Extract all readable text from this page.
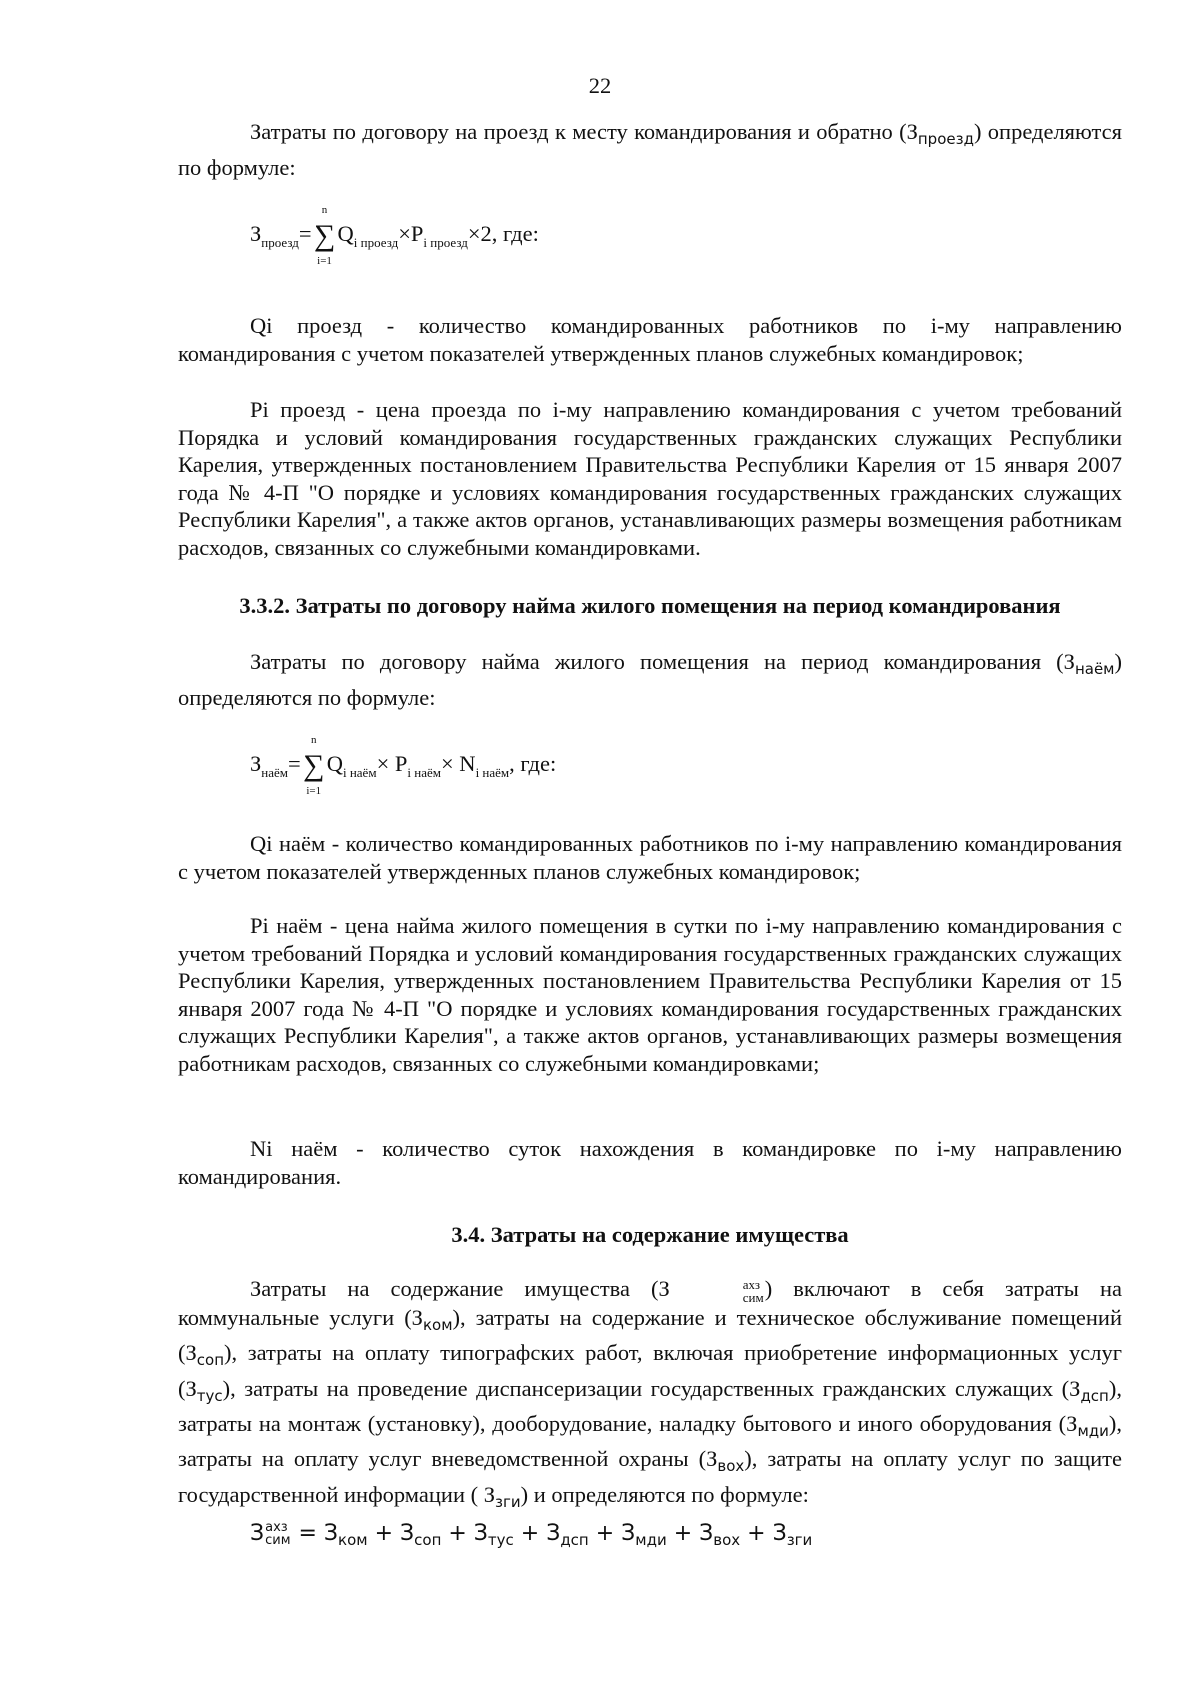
22
Затраты по договору на проезд к месту командирования и обратно $(З_{проезд})$ определяются по формуле:
$З_{проезд}=$
n
∑
i=1
$Q_{i проезд}\times P_{i проезд}\times 2$, где:
Qi проезд - количество командированных работников по i-му направлению командирования с учетом показателей утвержденных планов служебных командировок;
Pi проезд - цена проезда по i-му направлению командирования с учетом требований Порядка и условий командирования государственных гражданских служащих Республики Карелия, утвержденных постановлением Правительства Республики Карелия от 15 января 2007 года № 4-П "О порядке и условиях командирования государственных гражданских служащих Республики Карелия", а также актов органов, устанавливающих размеры возмещения работникам расходов, связанных со служебными командировками.
3.3.2. Затраты по договору найма жилого помещения на период командирования
Затраты по договору найма жилого помещения на период командирования $(З_{наём})$ определяются по формуле:
$З_{наём}=$
n
∑
i=1
$Q_{i наём}\times P_{i наём}\times N_{i наём}$, где:
Qi наём - количество командированных работников по i-му направлению командирования с учетом показателей утвержденных планов служебных командировок;
Pi наём - цена найма жилого помещения в сутки по i-му направлению командирования с учетом требований Порядка и условий командирования государственных гражданских служащих Республики Карелия, утвержденных постановлением Правительства Республики Карелия от 15 января 2007 года № 4-П "О порядке и условиях командирования государственных гражданских служащих Республики Карелия", а также актов органов, устанавливающих размеры возмещения работникам расходов, связанных со служебными командировками;
Ni наём - количество суток нахождения в командировке по i-му направлению командирования.
3.4. Затраты на содержание имущества
Затраты на содержание имущества (З	ахз
сим ) включают в себя затраты на коммунальные услуги $(З_{ком})$, затраты на содержание и техническое обслуживание помещений $(З_{соп})$, затраты на оплату типографских работ, включая приобретение информационных услуг $(З_{тус})$, затраты на проведение диспансеризации государственных гражданских служащих $(З_{дсп})$, затраты на монтаж (установку), дооборудование, наладку бытового и иного оборудования $(З_{мди})$, затраты на оплату услуг вневедомственной охраны $(З_{вох})$, затраты на оплату услуг по защите государственной информации ( $З_{зги}$) и определяются по формуле:
З ахз
сим = $З_{ком} + З_{соп} + З_{тус} + З_{дсп} + З_{мди} + З_{вох} + З_{зги}$
